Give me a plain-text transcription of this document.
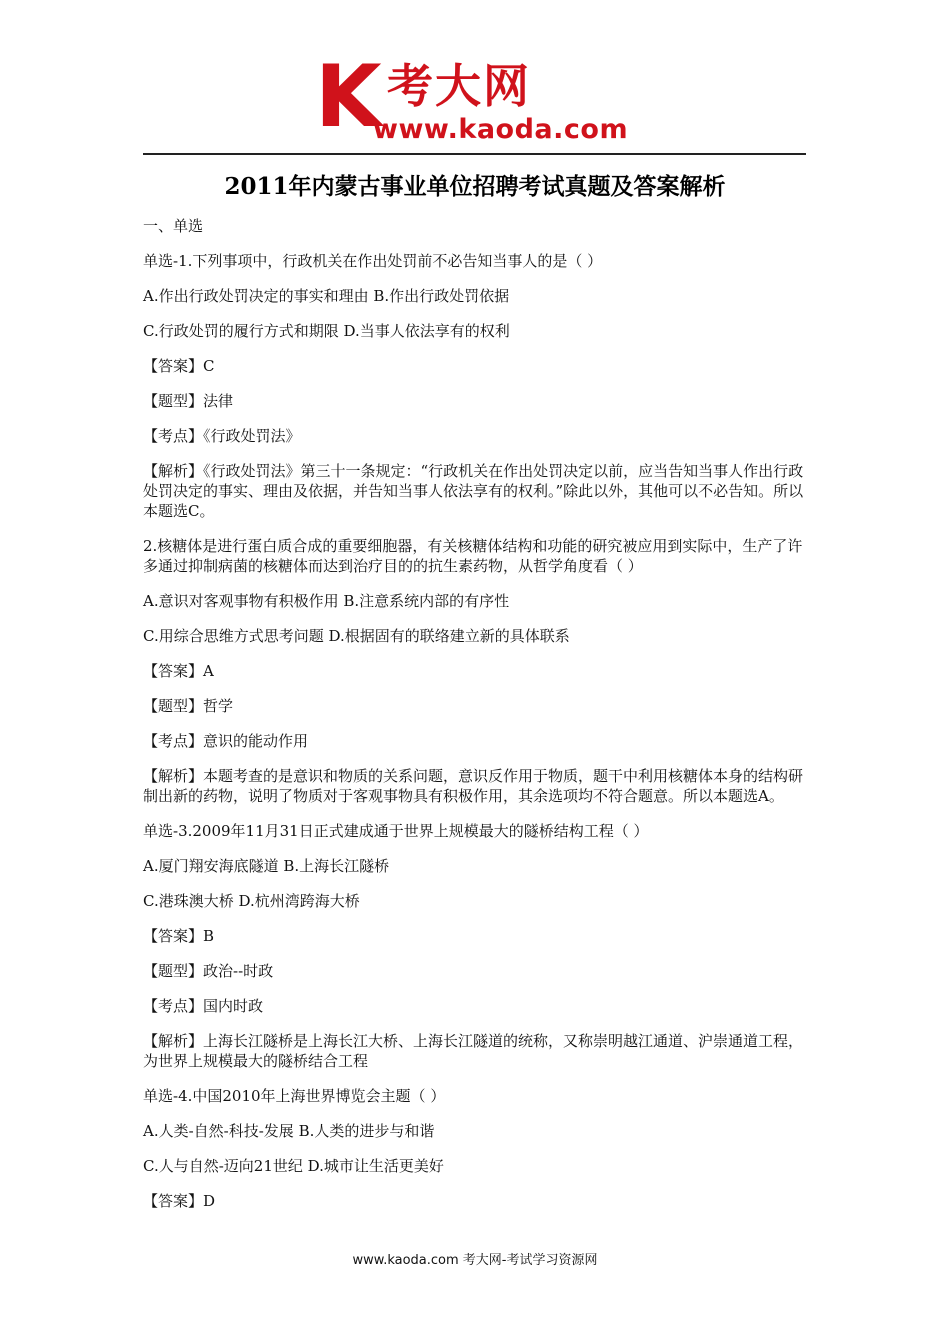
K 考大网
www.kaoda.com
2011年内蒙古事业单位招聘考试真题及答案解析

一、单选

单选-1.下列事项中，行政机关在作出处罚前不必告知当事人的是（ ）

A.作出行政处罚决定的事实和理由 B.作出行政处罚依据

C.行政处罚的履行方式和期限 D.当事人依法享有的权利

【答案】C

【题型】法律

【考点】《行政处罚法》

【解析】《行政处罚法》第三十一条规定：“行政机关在作出处罚决定以前，应当告知当事人作出行政处罚决定的事实、理由及依据，并告知当事人依法享有的权利。”除此以外，其他可以不必告知。所以本题选C。

2.核糖体是进行蛋白质合成的重要细胞器，有关核糖体结构和功能的研究被应用到实际中，生产了许多通过抑制病菌的核糖体而达到治疗目的的抗生素药物，从哲学角度看（ ）

A.意识对客观事物有积极作用 B.注意系统内部的有序性

C.用综合思维方式思考问题 D.根据固有的联络建立新的具体联系

【答案】A

【题型】哲学

【考点】意识的能动作用

【解析】本题考查的是意识和物质的关系问题，意识反作用于物质，题干中利用核糖体本身的结构研制出新的药物，说明了物质对于客观事物具有积极作用，其余选项均不符合题意。所以本题选A。

单选-3.2009年11月31日正式建成通于世界上规模最大的隧桥结构工程（ ）

A.厦门翔安海底隧道 B.上海长江隧桥

C.港珠澳大桥 D.杭州湾跨海大桥

【答案】B

【题型】政治--时政

【考点】国内时政

【解析】上海长江隧桥是上海长江大桥、上海长江隧道的统称，又称崇明越江通道、沪崇通道工程，为世界上规模最大的隧桥结合工程

单选-4.中国2010年上海世界博览会主题（ ）

A.人类-自然-科技-发展 B.人类的进步与和谐

C.人与自然-迈向21世纪 D.城市让生活更美好

【答案】D

www.kaoda.com 考大网-考试学习资源网
